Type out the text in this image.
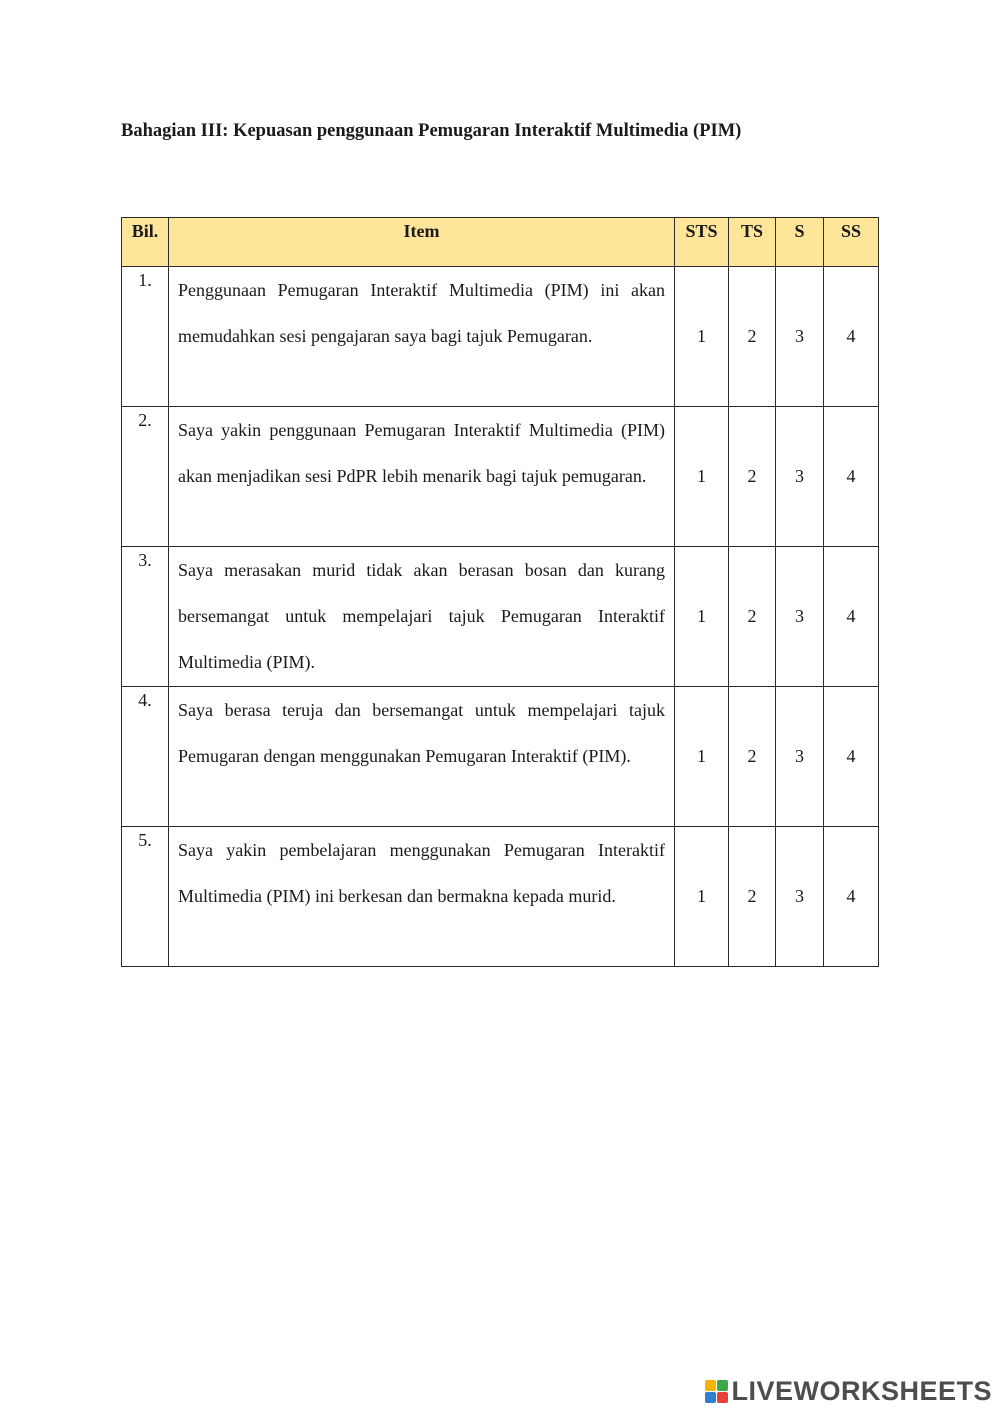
Bahagian III: Kepuasan penggunaan Pemugaran Interaktif Multimedia (PIM)
Bil.	Item	STS	TS	S	SS
1.	Penggunaan Pemugaran Interaktif Multimedia (PIM) ini akan memudahkan sesi pengajaran saya bagi tajuk Pemugaran.	1	2	3	4
2.	Saya yakin penggunaan Pemugaran Interaktif Multimedia (PIM) akan menjadikan sesi PdPR lebih menarik bagi tajuk pemugaran.	1	2	3	4
3.	Saya merasakan murid tidak akan berasan bosan dan kurang bersemangat untuk mempelajari tajuk Pemugaran Interaktif Multimedia (PIM).	1	2	3	4
4.	Saya berasa teruja dan bersemangat untuk mempelajari tajuk Pemugaran dengan menggunakan Pemugaran Interaktif (PIM).	1	2	3	4
5.	Saya yakin pembelajaran menggunakan Pemugaran Interaktif Multimedia (PIM) ini berkesan dan bermakna kepada murid.	1	2	3	4
LIVEWORKSHEETS
